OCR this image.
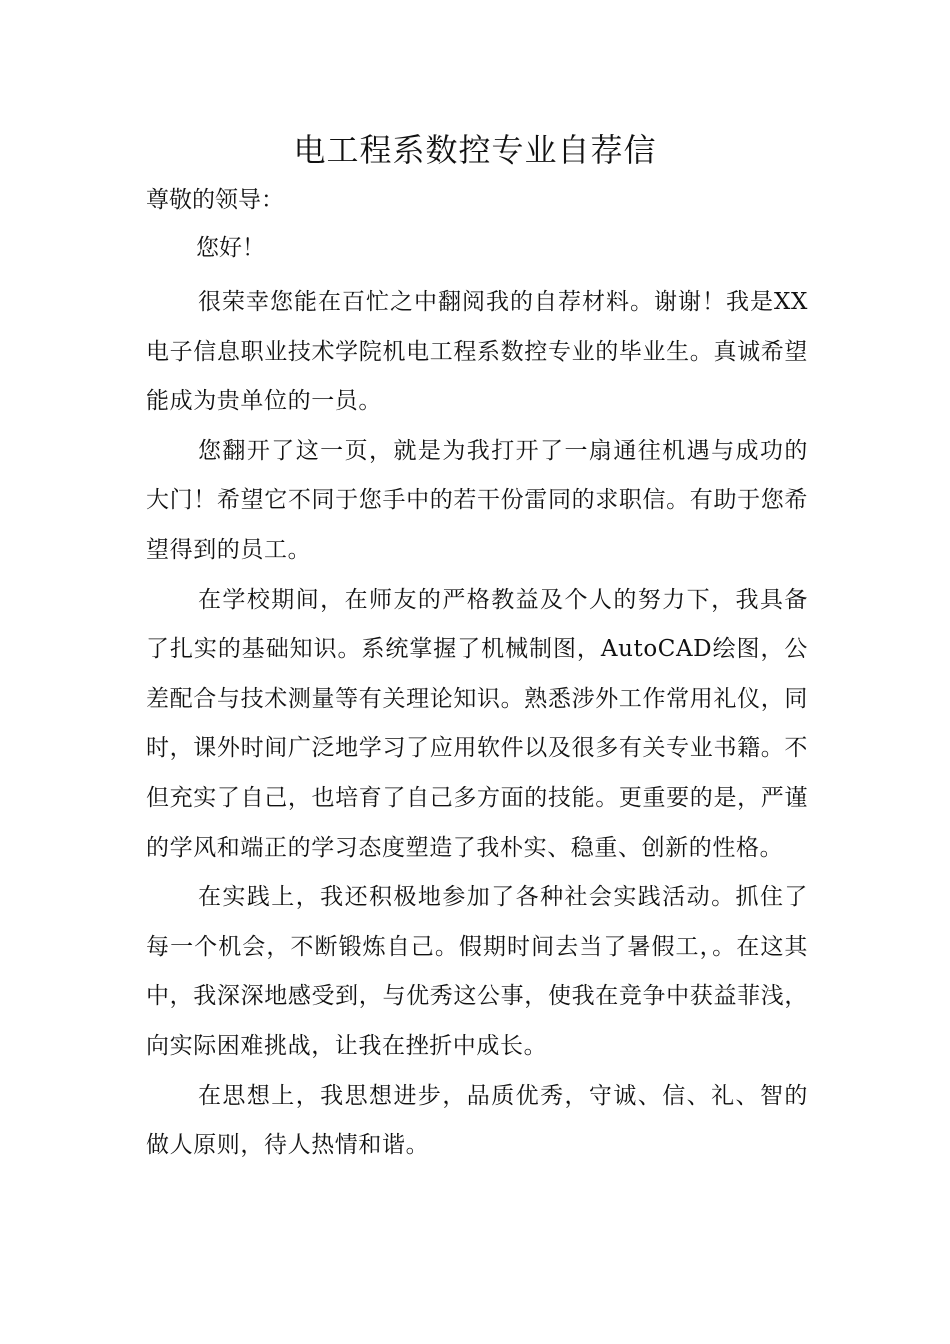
电工程系数控专业自荐信

尊敬的领导：

您好！

很荣幸您能在百忙之中翻阅我的自荐材料。谢谢！我是XX电子信息职业技术学院机电工程系数控专业的毕业生。真诚希望能成为贵单位的一员。

您翻开了这一页，就是为我打开了一扇通往机遇与成功的大门！希望它不同于您手中的若干份雷同的求职信。有助于您希望得到的员工。

在学校期间，在师友的严格教益及个人的努力下，我具备了扎实的基础知识。系统掌握了机械制图，AutoCAD绘图，公差配合与技术测量等有关理论知识。熟悉涉外工作常用礼仪，同时，课外时间广泛地学习了应用软件以及很多有关专业书籍。不但充实了自己，也培育了自己多方面的技能。更重要的是，严谨的学风和端正的学习态度塑造了我朴实、稳重、创新的性格。

在实践上，我还积极地参加了各种社会实践活动。抓住了每一个机会，不断锻炼自己。假期时间去当了暑假工，。在这其中，我深深地感受到，与优秀这公事，使我在竞争中获益菲浅，向实际困难挑战，让我在挫折中成长。

在思想上，我思想进步，品质优秀，守诚、信、礼、智的做人原则，待人热情和谐。
